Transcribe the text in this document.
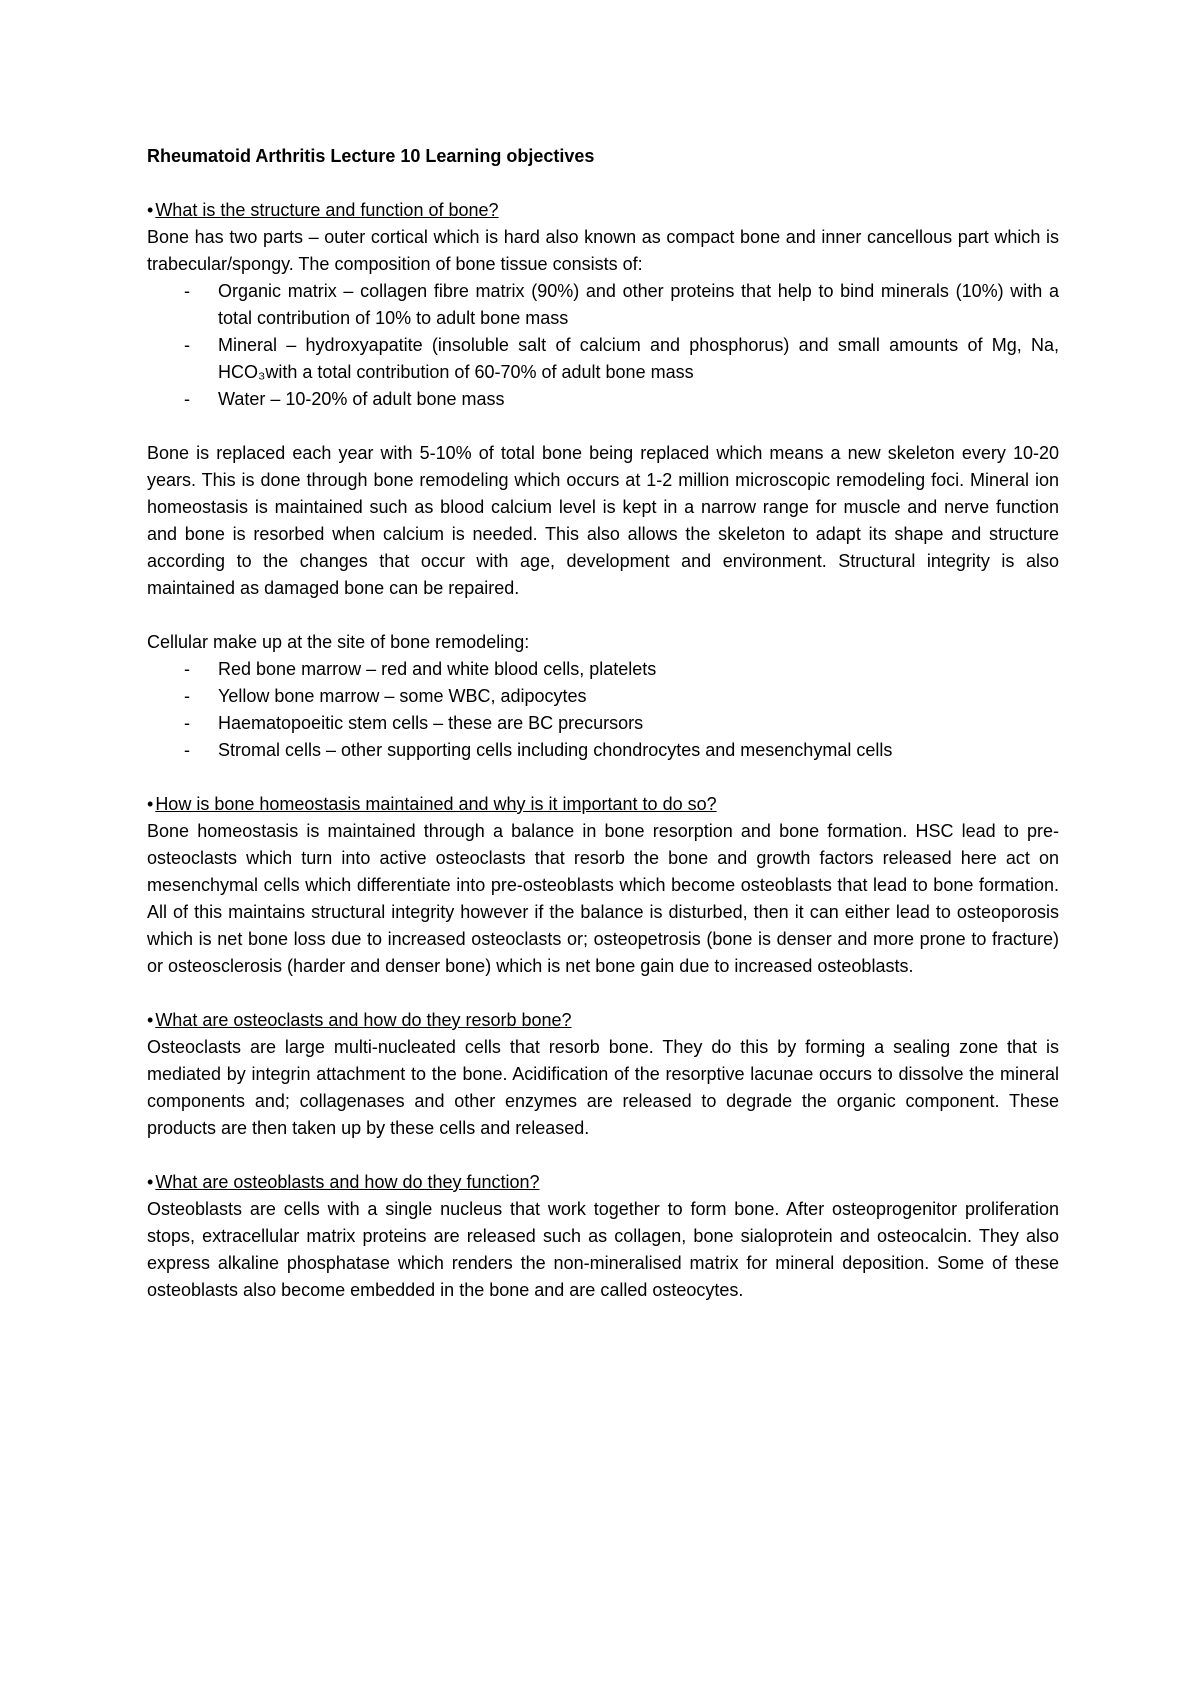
Rheumatoid Arthritis Lecture 10 Learning objectives
• What is the structure and function of bone?

Bone has two parts – outer cortical which is hard also known as compact bone and inner cancellous part which is trabecular/spongy. The composition of bone tissue consists of:

- Organic matrix – collagen fibre matrix (90%) and other proteins that help to bind minerals (10%) with a total contribution of 10% to adult bone mass
- Mineral – hydroxyapatite (insoluble salt of calcium and phosphorus) and small amounts of Mg, Na, HCO₃with a total contribution of 60-70% of adult bone mass
- Water – 10-20% of adult bone mass

Bone is replaced each year with 5-10% of total bone being replaced which means a new skeleton every 10-20 years. This is done through bone remodeling which occurs at 1-2 million microscopic remodeling foci. Mineral ion homeostasis is maintained such as blood calcium level is kept in a narrow range for muscle and nerve function and bone is resorbed when calcium is needed. This also allows the skeleton to adapt its shape and structure according to the changes that occur with age, development and environment. Structural integrity is also maintained as damaged bone can be repaired.

Cellular make up at the site of bone remodeling:

- Red bone marrow – red and white blood cells, platelets
- Yellow bone marrow – some WBC, adipocytes
- Haematopoeitic stem cells – these are BC precursors
- Stromal cells – other supporting cells including chondrocytes and mesenchymal cells
• How is bone homeostasis maintained and why is it important to do so?

Bone homeostasis is maintained through a balance in bone resorption and bone formation. HSC lead to pre-osteoclasts which turn into active osteoclasts that resorb the bone and growth factors released here act on mesenchymal cells which differentiate into pre-osteoblasts which become osteoblasts that lead to bone formation. All of this maintains structural integrity however if the balance is disturbed, then it can either lead to osteoporosis which is net bone loss due to increased osteoclasts or; osteopetrosis (bone is denser and more prone to fracture) or osteosclerosis (harder and denser bone) which is net bone gain due to increased osteoblasts.

• What are osteoclasts and how do they resorb bone?

Osteoclasts are large multi-nucleated cells that resorb bone. They do this by forming a sealing zone that is mediated by integrin attachment to the bone. Acidification of the resorptive lacunae occurs to dissolve the mineral components and; collagenases and other enzymes are released to degrade the organic component. These products are then taken up by these cells and released.

• What are osteoblasts and how do they function?

Osteoblasts are cells with a single nucleus that work together to form bone. After osteoprogenitor proliferation stops, extracellular matrix proteins are released such as collagen, bone sialoprotein and osteocalcin. They also express alkaline phosphatase which renders the non-mineralised matrix for mineral deposition. Some of these osteoblasts also become embedded in the bone and are called osteocytes.
